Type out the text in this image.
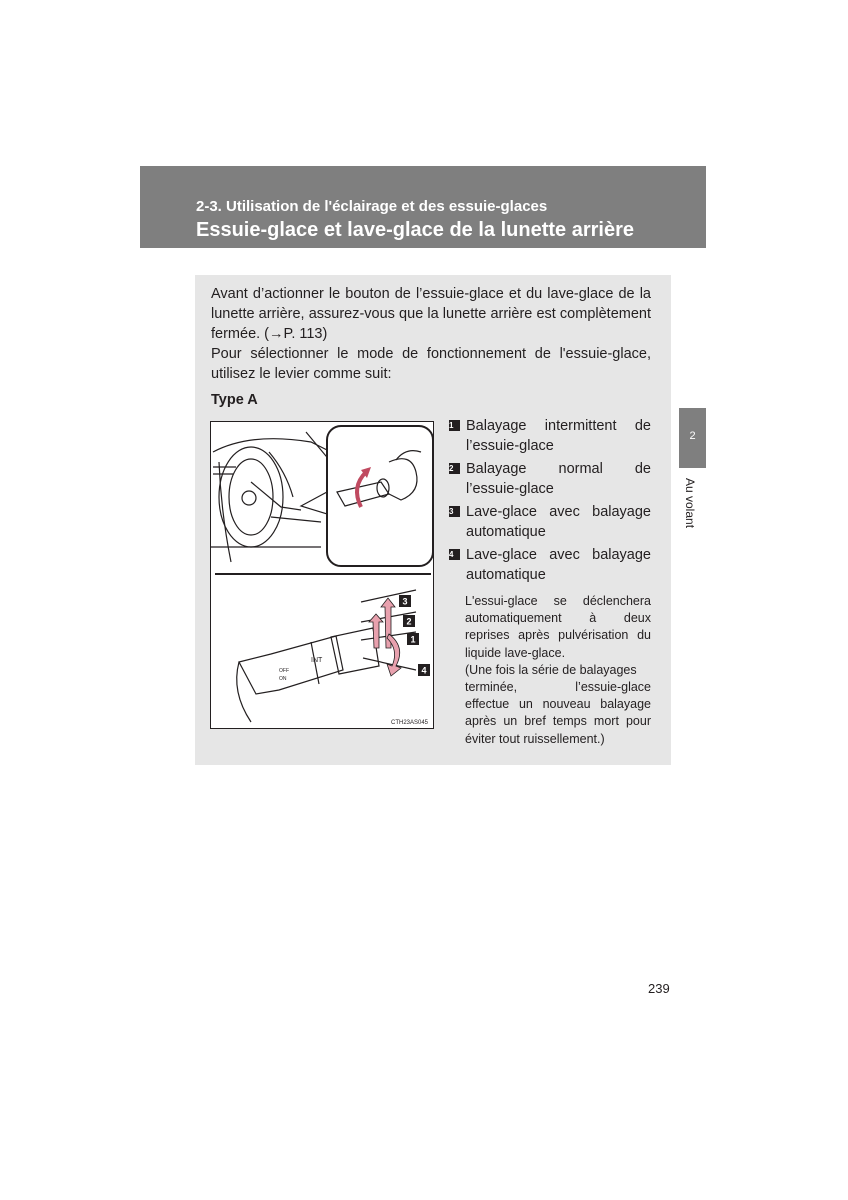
2-3. Utilisation de l'éclairage et des essuie-glaces
Essuie-glace et lave-glace de la lunette arrière

Avant d’actionner le bouton de l’essuie-glace et du lave-glace de la lunette arrière, assurez-vous que la lunette arrière est complètement fermée. (→P. 113)

Pour sélectionner le mode de fonctionnement de l'essuie-glace, utilisez le levier comme suit:

Type A
INT
OFF
ON
3
2
1
4
CTH23AS045
1 Balayage intermittent de
l’essuie-glace
2 Balayage normal de
l’essuie-glace
3 Lave-glace avec balayage
automatique
4 Lave-glace avec balayage
automatique
L'essui-glace se déclenchera
automatiquement à deux
reprises après pulvérisation du
liquide lave-glace.
(Une fois la série de balayages
terminée, l’essuie-glace
effectue un nouveau balayage
après un bref temps mort pour
éviter tout ruissellement.)
2
Au volant
239
